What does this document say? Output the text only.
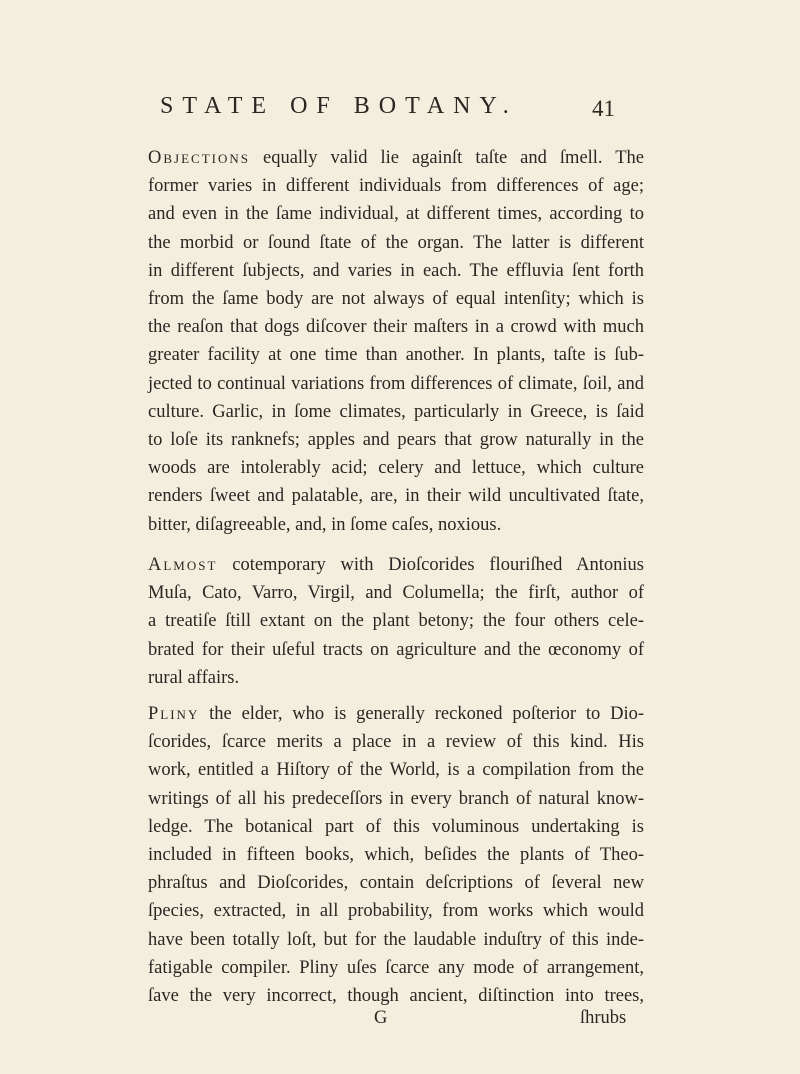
STATE OF BOTANY.	41

Objections equally valid lie againſt taſte and ſmell. The
former varies in different individuals from differences of age;
and even in the ſame individual, at different times, according to
the morbid or ſound ſtate of the organ. The latter is different
in different ſubjects, and varies in each. The effluvia ſent forth
from the ſame body are not always of equal intenſity; which is
the reaſon that dogs diſcover their maſters in a crowd with much
greater facility at one time than another. In plants, taſte is ſub-
jected to continual variations from differences of climate, ſoil, and
culture. Garlic, in ſome climates, particularly in Greece, is ſaid
to loſe its ranknefs; apples and pears that grow naturally in the
woods are intolerably acid; celery and lettuce, which culture
renders ſweet and palatable, are, in their wild uncultivated ſtate,
bitter, diſagreeable, and, in ſome caſes, noxious.

Almost cotemporary with Dioſcorides flouriſhed Antonius
Muſa, Cato, Varro, Virgil, and Columella; the firſt, author of
a treatiſe ſtill extant on the plant betony; the four others cele-
brated for their uſeful tracts on agriculture and the œconomy of
rural affairs.

Pliny the elder, who is generally reckoned poſterior to Dio-
ſcorides, ſcarce merits a place in a review of this kind. His
work, entitled a Hiſtory of the World, is a compilation from the
writings of all his predeceſſors in every branch of natural know-
ledge. The botanical part of this voluminous undertaking is
included in fifteen books, which, beſides the plants of Theo-
phraſtus and Dioſcorides, contain deſcriptions of ſeveral new
ſpecies, extracted, in all probability, from works which would
have been totally loſt, but for the laudable induſtry of this inde-
fatigable compiler. Pliny uſes ſcarce any mode of arrangement,
ſave the very incorrect, though ancient, diſtinction into trees,

G	ſhrubs
